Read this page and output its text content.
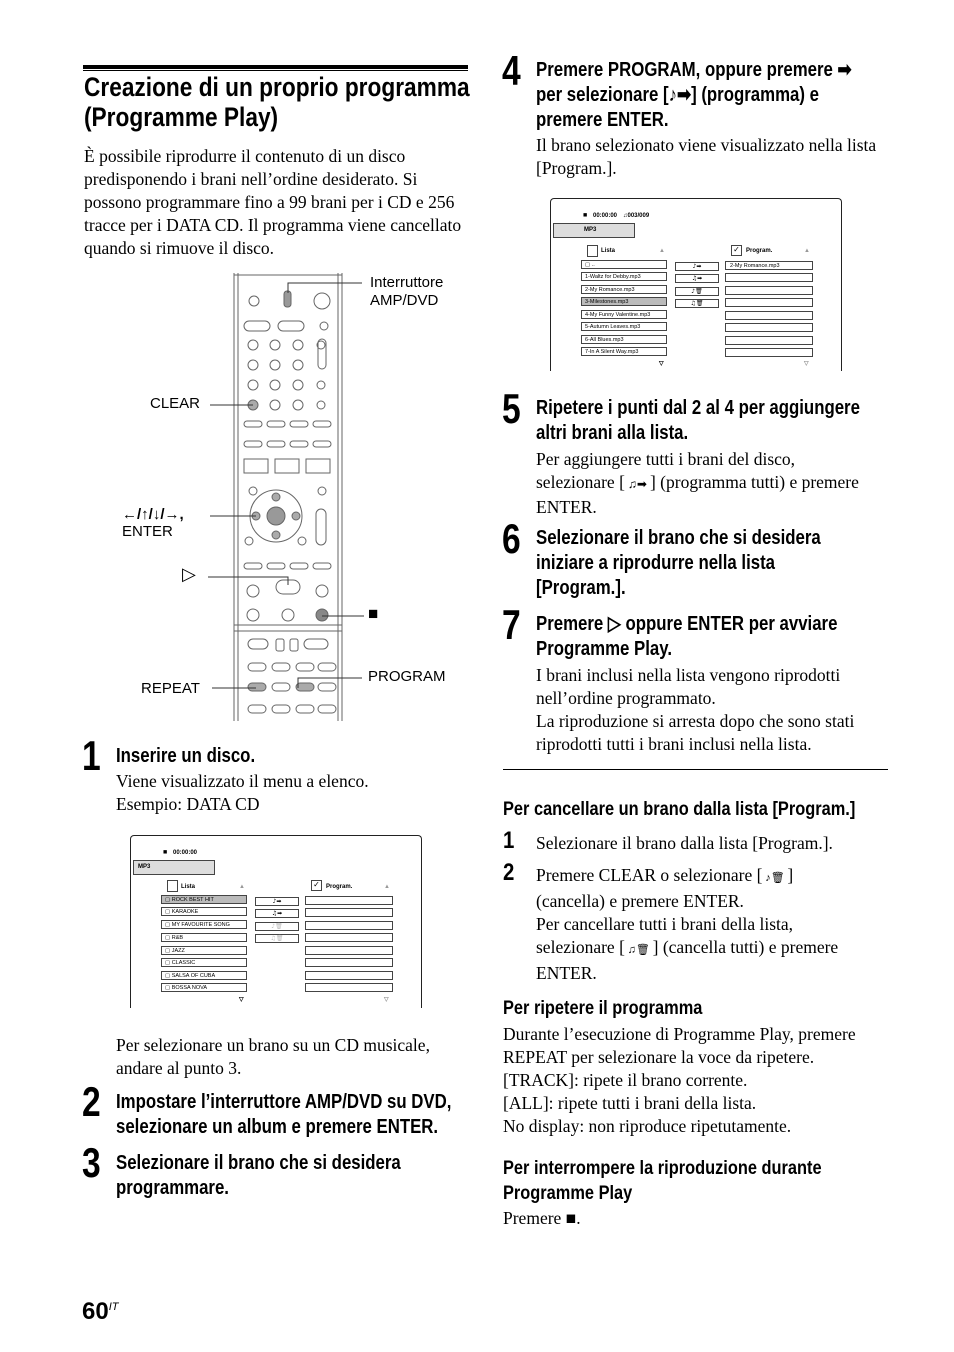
Creazione di un proprio programma
(Programme Play)
È possibile riprodurre il contenuto di un disco predisponendo i brani nell’ordine desiderato. Si possono programmare fino a 99 brani per i CD e 256 tracce per i DATA CD. Il programma viene cancellato quando si rimuove il disco.
Interruttore
AMP/DVD
CLEAR
←/↑/↓/→,
ENTER
▷
■
REPEAT
PROGRAM
1 Inserire un disco.
Viene visualizzato il menu a elenco.
Esempio: DATA CD
■ 00:00:00
MP3
Lista	▲	✓	Program.	▲
▢ ROCK BEST HIT
▢ KARAOKE
▢ MY FAVOURITE SONG
▢ R&B
▢ JAZZ
▢ CLASSIC
▢ SALSA OF CUBA
▢ BOSSA NOVA
▽
♪➡
♫➡
♪🗑
♫🗑
▽
Per selezionare un brano su un CD musicale, andare al punto 3.
2 Impostare l’interruttore AMP/DVD su DVD,
selezionare un album e premere ENTER.
3 Selezionare il brano che si desidera
programmare.
$60^{IT}$
4 Premere PROGRAM, oppure premere ➡
per selezionare [♪➡] (programma) e
premere ENTER.
Il brano selezionato viene visualizzato nella lista [Program.].
■ 00:00:00 ♫003/009
MP3
Lista	▲	✓	Program.	▲
▢ ..
1-Waltz for Debby.mp3
2-My Romance.mp3
3-Milestones.mp3
4-My Funny Valentine.mp3
5-Autumn Leaves.mp3
6-All Blues.mp3
7-In A Silent Way.mp3
▽
♪➡
♫➡
♪🗑
♫🗑
2-My Romance.mp3
▽
5 Ripetere i punti dal 2 al 4 per aggiungere
altri brani alla lista.
Per aggiungere tutti i brani del disco,
selezionare [ ♫➡ ] (programma tutti) e premere
ENTER.
6 Selezionare il brano che si desidera
iniziare a riprodurre nella lista
[Program.].
7 Premere ▷ oppure ENTER per avviare
Programme Play.
I brani inclusi nella lista vengono riprodotti
nell’ordine programmato.
La riproduzione si arresta dopo che sono stati
riprodotti tutti i brani inclusi nella lista.
Per cancellare un brano dalla lista [Program.]
1 Selezionare il brano dalla lista [Program.].
2 Premere CLEAR o selezionare [ ♪🗑 ]
(cancella) e premere ENTER.
Per cancellare tutti i brani della lista,
selezionare [ ♫🗑 ] (cancella tutti) e premere
ENTER.
Per ripetere il programma
Durante l’esecuzione di Programme Play, premere
REPEAT per selezionare la voce da ripetere.
[TRACK]: ripete il brano corrente.
[ALL]: ripete tutti i brani della lista.
No display: non riproduce ripetutamente.
Per interrompere la riproduzione durante
Programme Play
Premere ■.
